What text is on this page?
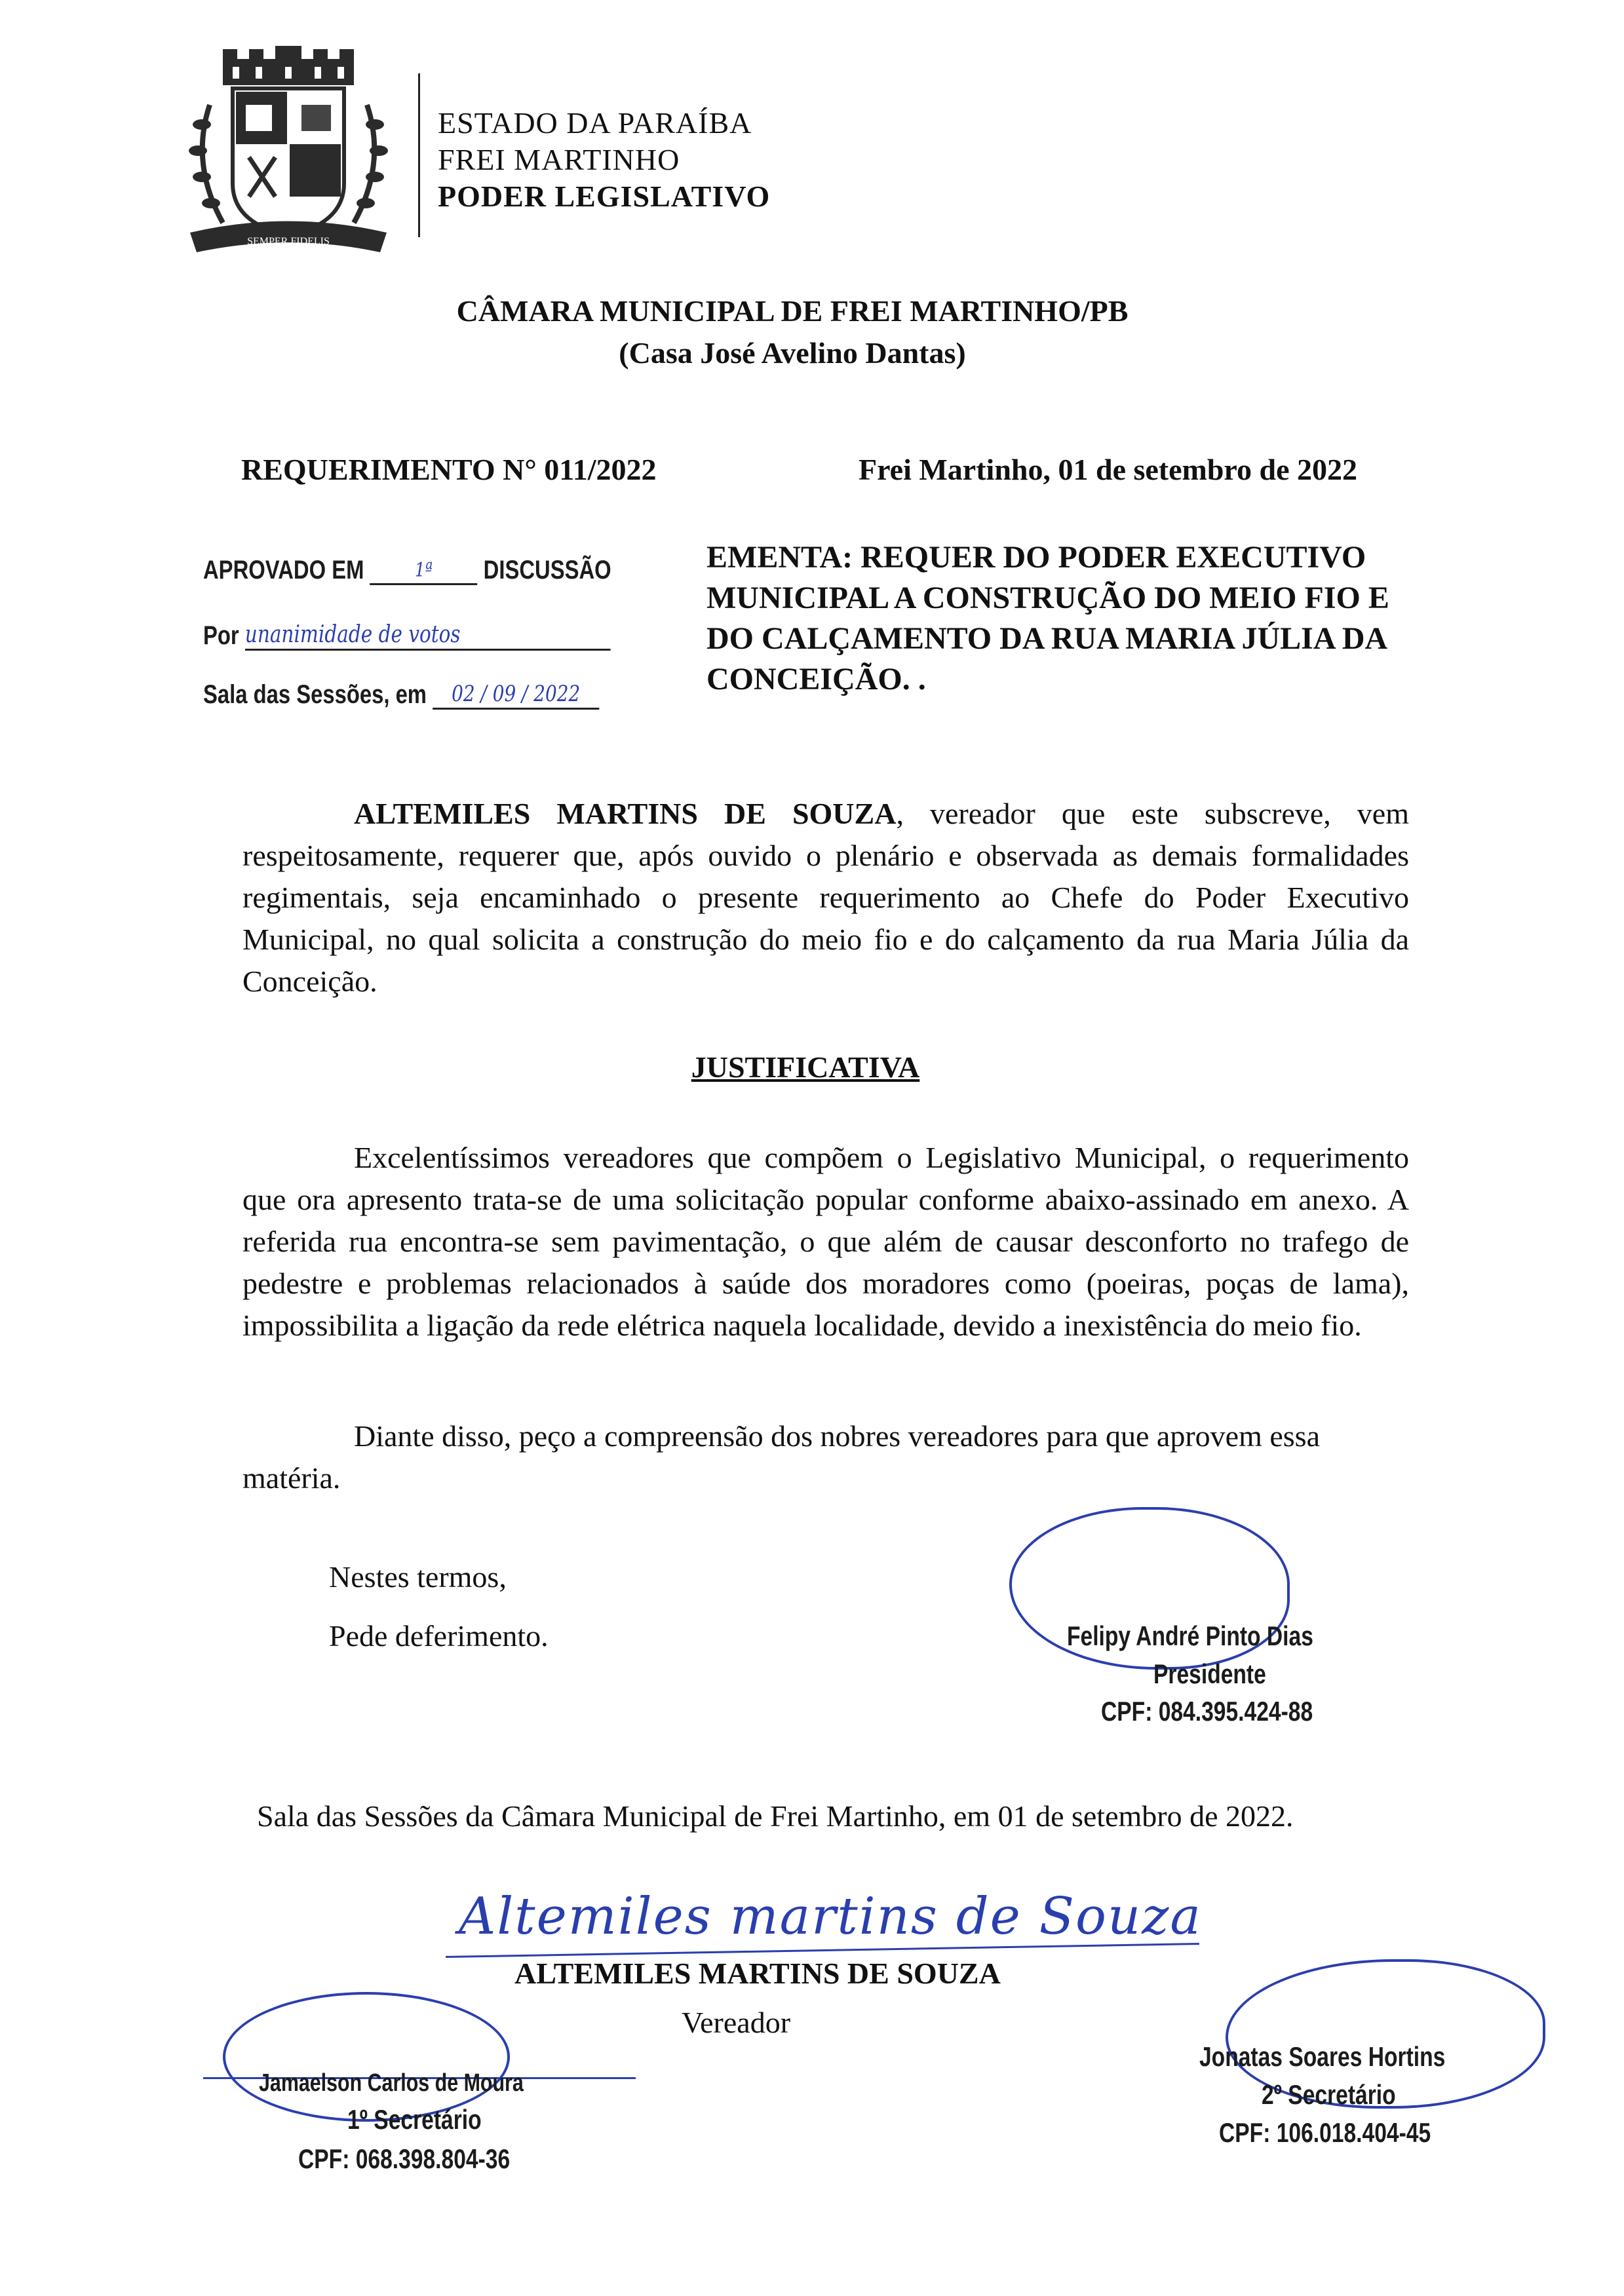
SEMPER FIDELIS
ESTADO DA PARAÍBA
FREI MARTINHO
PODER LEGISLATIVO
CÂMARA MUNICIPAL DE FREI MARTINHO/PB
(Casa José Avelino Dantas)
REQUERIMENTO N° 011/2022	Frei Martinho, 01 de setembro de 2022
APROVADO EM	1ª DISCUSSÃO
Por unanimidade de votos
Sala das Sessões, em 02 / 09 / 2022
EMENTA: REQUER DO PODER EXECUTIVO MUNICIPAL A CONSTRUÇÃO DO MEIO FIO E DO CALÇAMENTO DA RUA MARIA JÚLIA DA CONCEIÇÃO. .
ALTEMILES MARTINS DE SOUZA, vereador que este subscreve, vem respeitosamente, requerer que, após ouvido o plenário e observada as demais formalidades regimentais, seja encaminhado o presente requerimento ao Chefe do Poder Executivo Municipal, no qual solicita a construção do meio fio e do calçamento da rua Maria Júlia da Conceição.
JUSTIFICATIVA
Excelentíssimos vereadores que compõem o Legislativo Municipal, o requerimento que ora apresento trata-se de uma solicitação popular conforme abaixo-assinado em anexo. A referida rua encontra-se sem pavimentação, o que além de causar desconforto no trafego de pedestre e problemas relacionados à saúde dos moradores como (poeiras, poças de lama), impossibilita a ligação da rede elétrica naquela localidade, devido a inexistência do meio fio.
Diante disso, peço a compreensão dos nobres vereadores para que aprovem essa matéria.
Nestes termos,
Pede deferimento.	Felipy André Pinto Dias
Presidente
CPF: 084.395.424-88
Sala das Sessões da Câmara Municipal de Frei Martinho, em 01 de setembro de 2022.
Altemiles martins de Souza
ALTEMILES MARTINS DE SOUZA
Vereador
Jamaelson Carlos de Moura
1º Secretário
CPF: 068.398.804-36
Jonatas Soares Hortins
2º Secretário
CPF: 106.018.404-45
